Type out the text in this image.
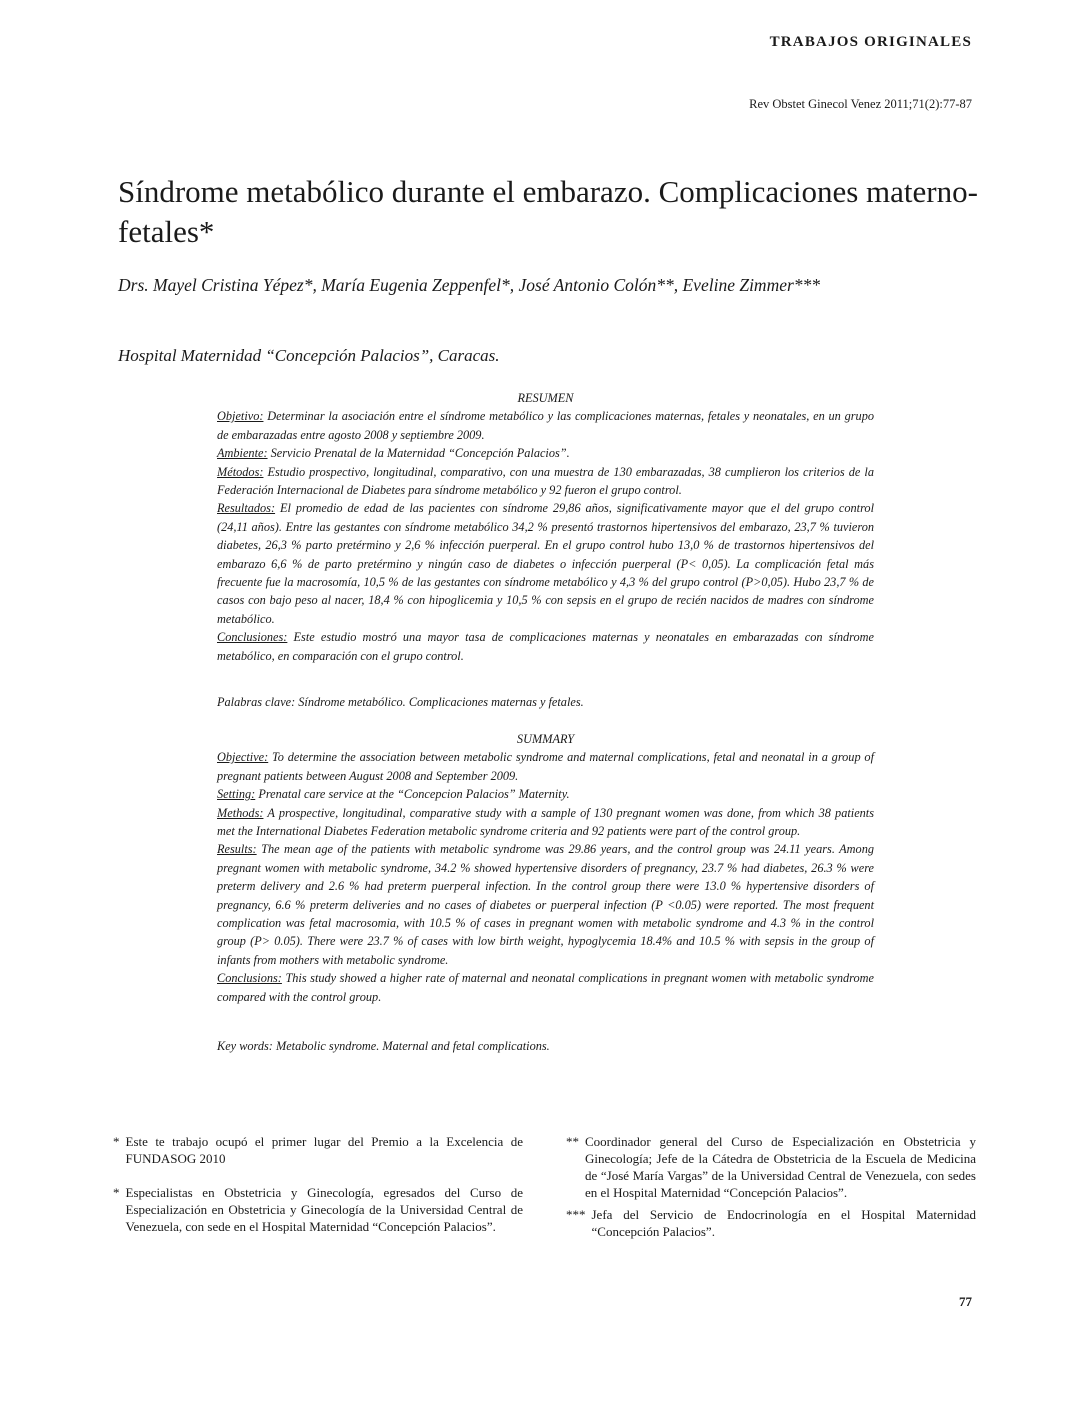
TRABAJOS ORIGINALES
Rev Obstet Ginecol Venez 2011;71(2):77-87
Síndrome metabólico durante el embarazo. Complicaciones materno-fetales*
Drs. Mayel Cristina Yépez*, María Eugenia Zeppenfel*, José Antonio Colón**, Eveline Zimmer***
Hospital Maternidad “Concepción Palacios”, Caracas.

RESUMEN

Objetivo: Determinar la asociación entre el síndrome metabólico y las complicaciones maternas, fetales y neonatales, en un grupo de embarazadas entre agosto 2008 y septiembre 2009.

Ambiente: Servicio Prenatal de la Maternidad “Concepción Palacios”.

Métodos: Estudio prospectivo, longitudinal, comparativo, con una muestra de 130 embarazadas, 38 cumplieron los criterios de la Federación Internacional de Diabetes para síndrome metabólico y 92 fueron el grupo control.

Resultados: El promedio de edad de las pacientes con síndrome 29,86 años, significativamente mayor que el del grupo control (24,11 años). Entre las gestantes con síndrome metabólico 34,2 % presentó trastornos hipertensivos del embarazo, 23,7 % tuvieron diabetes, 26,3 % parto pretérmino y 2,6 % infección puerperal. En el grupo control hubo 13,0 % de trastornos hipertensivos del embarazo 6,6 % de parto pretérmino y ningún caso de diabetes o infección puerperal (P< 0,05). La complicación fetal más frecuente fue la macrosomía, 10,5 % de las gestantes con síndrome metabólico y 4,3 % del grupo control (P>0,05). Hubo 23,7 % de casos con bajo peso al nacer, 18,4 % con hipoglicemia y 10,5 % con sepsis en el grupo de recién nacidos de madres con síndrome metabólico.

Conclusiones: Este estudio mostró una mayor tasa de complicaciones maternas y neonatales en embarazadas con síndrome metabólico, en comparación con el grupo control.

Palabras clave: Síndrome metabólico. Complicaciones maternas y fetales.

SUMMARY

Objective: To determine the association between metabolic syndrome and maternal complications, fetal and neonatal in a group of pregnant patients between August 2008 and September 2009.

Setting: Prenatal care service at the “Concepcion Palacios” Maternity.

Methods: A prospective, longitudinal, comparative study with a sample of 130 pregnant women was done, from which 38 patients met the International Diabetes Federation metabolic syndrome criteria and 92 patients were part of the control group.

Results: The mean age of the patients with metabolic syndrome was 29.86 years, and the control group was 24.11 years. Among pregnant women with metabolic syndrome, 34.2 % showed hypertensive disorders of pregnancy, 23.7 % had diabetes, 26.3 % were preterm delivery and 2.6 % had preterm puerperal infection. In the control group there were 13.0 % hypertensive disorders of pregnancy, 6.6 % preterm deliveries and no cases of diabetes or puerperal infection (P <0.05) were reported. The most frequent complication was fetal macrosomia, with 10.5 % of cases in pregnant women with metabolic syndrome and 4.3 % in the control group (P> 0.05). There were 23.7 % of cases with low birth weight, hypoglycemia 18.4% and 10.5 % with sepsis in the group of infants from mothers with metabolic syndrome.

Conclusions: This study showed a higher rate of maternal and neonatal complications in pregnant women with metabolic syndrome compared with the control group.

Key words: Metabolic syndrome. Maternal and fetal complications.
* Este te trabajo ocupó el primer lugar del Premio a la Excelencia de FUNDASOG 2010
* Especialistas en Obstetricia y Ginecología, egresados del Curso de Especialización en Obstetricia y Ginecología de la Universidad Central de Venezuela, con sede en el Hospital Maternidad “Concepción Palacios”.
** Coordinador general del Curso de Especialización en Obstetricia y Ginecología; Jefe de la Cátedra de Obstetricia de la Escuela de Medicina de “José María Vargas” de la Universidad Central de Venezuela, con sedes en el Hospital Maternidad “Concepción Palacios”.
*** Jefa del Servicio de Endocrinología en el Hospital Maternidad “Concepción Palacios”.
77
